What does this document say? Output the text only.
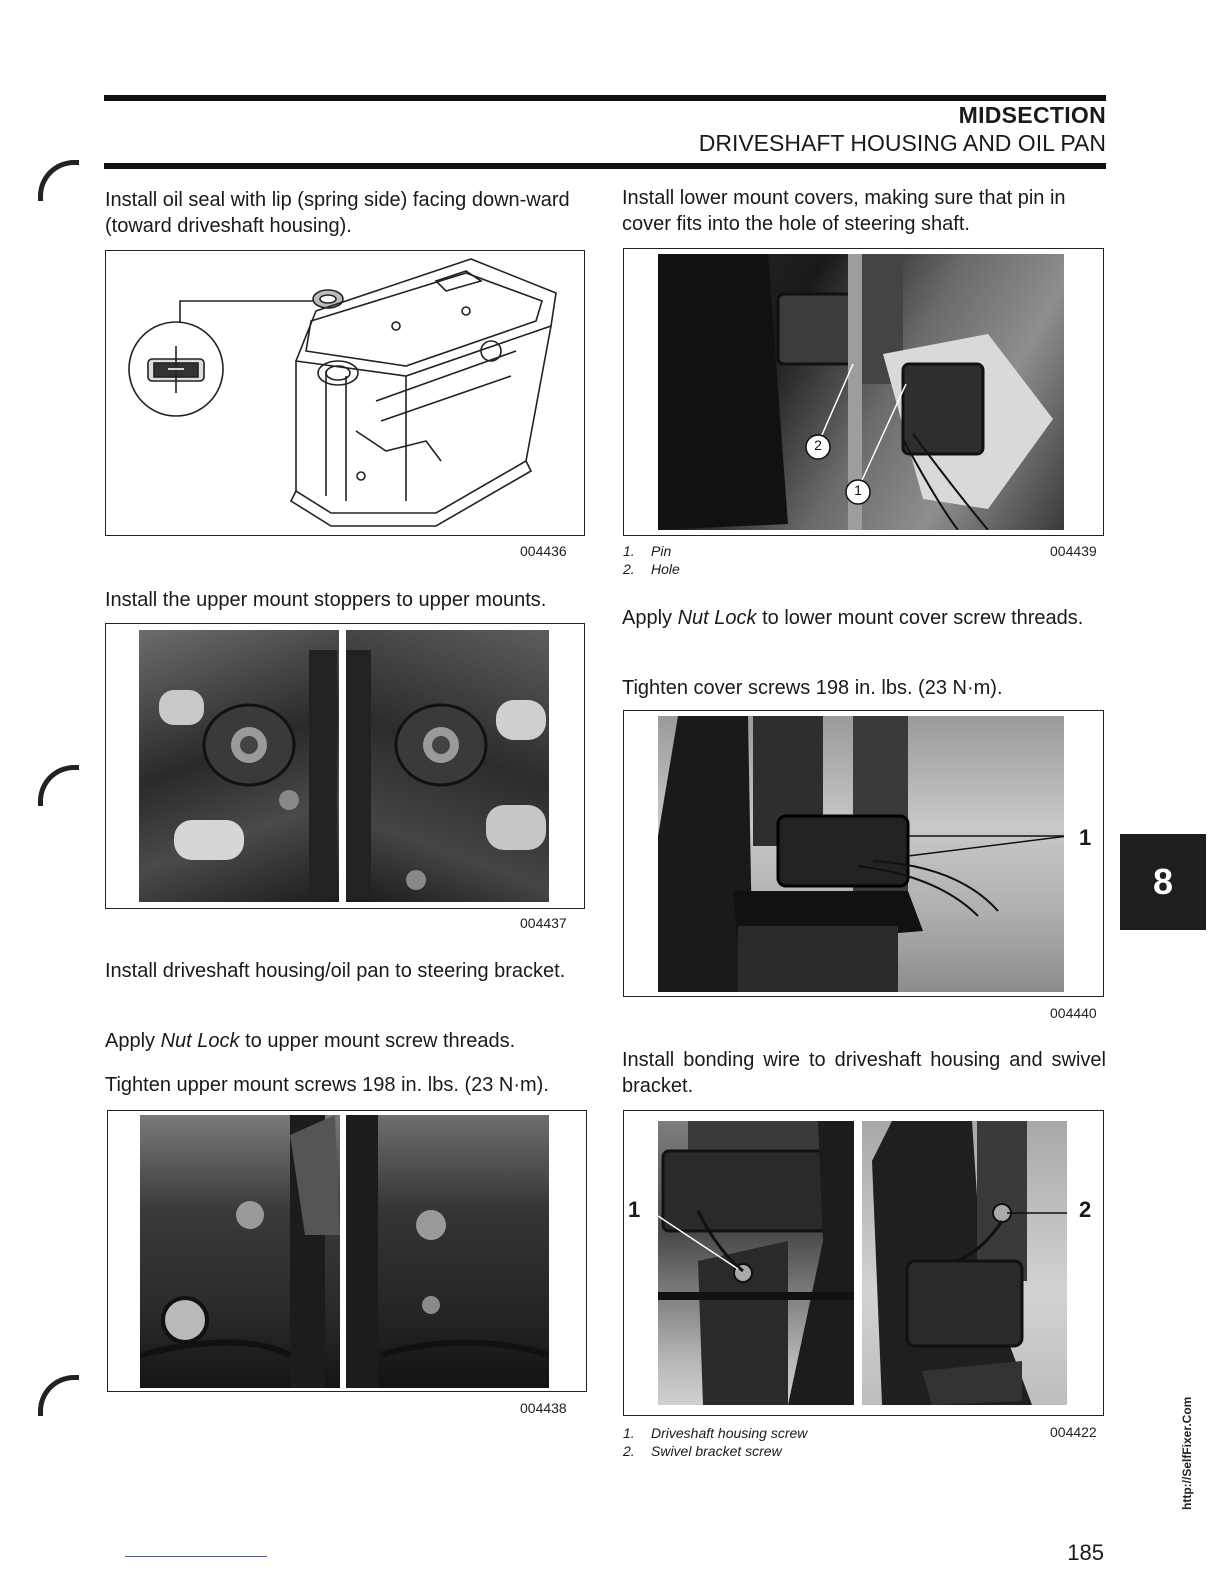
MIDSECTION
DRIVESHAFT HOUSING AND OIL PAN
Install oil seal with lip (spring side) facing down-ward (toward driveshaft housing).
004436
Install the upper mount stoppers to upper mounts.
004437
Install driveshaft housing/oil pan to steering bracket.
Apply Nut Lock to upper mount screw threads.
Tighten upper mount screws 198 in. lbs. (23 N·m).
004438
Install lower mount covers, making sure that pin in cover fits into the hole of steering shaft.
2
1
1. Pin
2. Hole
004439
Apply Nut Lock to lower mount cover screw threads.
Tighten cover screws 198 in. lbs. (23 N·m).
1
004440
Install bonding wire to driveshaft housing and swivel bracket.
1	2
1. Driveshaft housing screw
2. Swivel bracket screw
004422
8
http://SelfFixer.Com
185
